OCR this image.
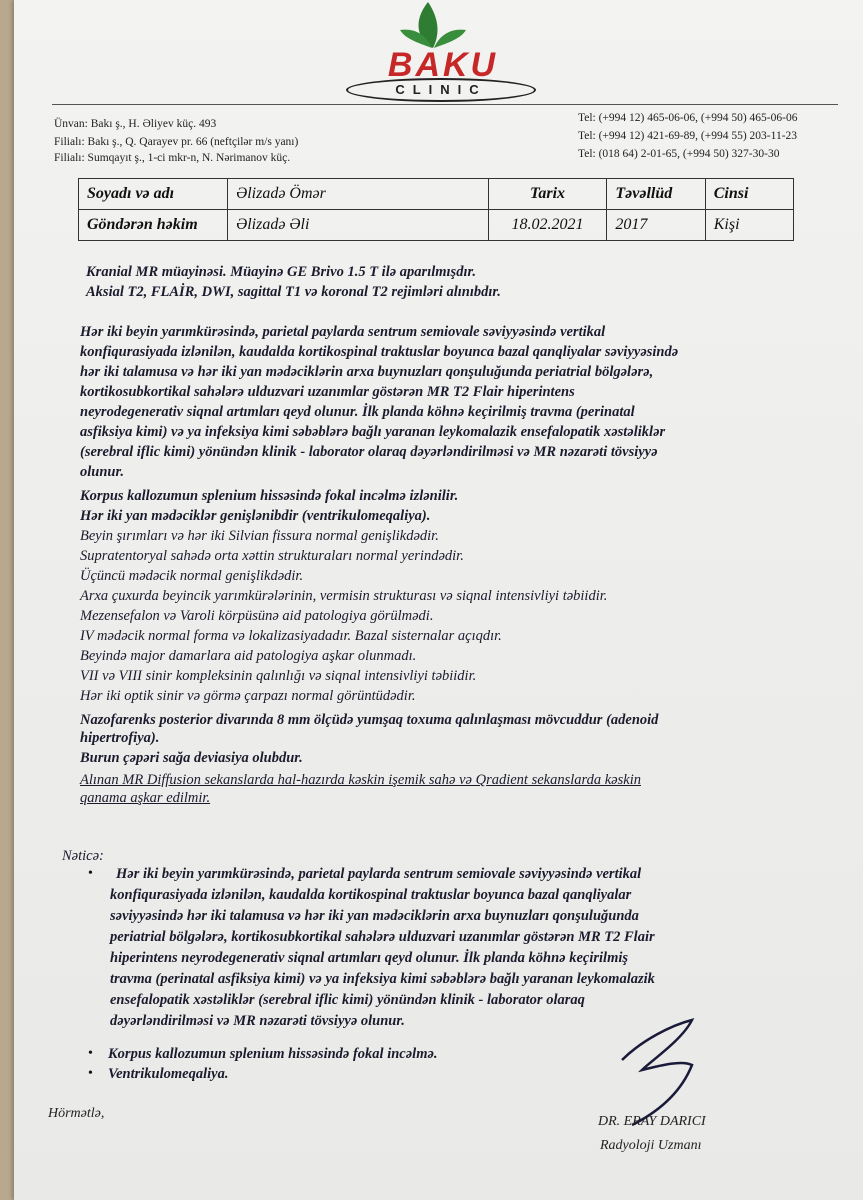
BAKU
CLINIC
Ünvan: Bakı ş., H. Əliyev küç. 493
Filialı: Bakı ş., Q. Qarayev pr. 66 (neftçilər m/s yanı)
Filialı: Sumqayıt ş., 1-ci mkr-n, N. Nərimanov küç.
Tel: (+994 12) 465-06-06, (+994 50) 465-06-06
Tel: (+994 12) 421-69-89, (+994 55) 203-11-23
Tel: (018 64) 2-01-65, (+994 50) 327-30-30
Soyadı və adı	Əlizadə Ömər	Tarix	Təvəllüd	Cinsi
Göndərən həkim	Əlizadə Əli	18.02.2021	2017	Kişi
Kranial MR müayinəsi. Müayinə GE Brivo 1.5 T ilə aparılmışdır.
Aksial T2, FLAİR, DWI, sagittal T1 və koronal T2 rejimləri alınıbdır.
Hər iki beyin yarımkürəsində, parietal paylarda sentrum semiovale səviyyəsində vertikal
konfiqurasiyada izlənilən, kaudalda kortikospinal traktuslar boyunca bazal qanqliyalar səviyyəsində
hər iki talamusa və hər iki yan mədəciklərin arxa buynuzları qonşuluğunda periatrial bölgələrə,
kortikosubkortikal sahələrə ulduzvari uzanımlar göstərən MR T2 Flair hiperintens
neyrodegenerativ siqnal artımları qeyd olunur. İlk planda köhnə keçirilmiş travma (perinatal
asfiksiya kimi) və ya infeksiya kimi səbəblərə bağlı yaranan leykomalazik ensefalopatik xəstəliklər
(serebral iflic kimi) yönündən klinik - laborator olaraq dəyərləndirilməsi və MR nəzarəti tövsiyyə
olunur.
Korpus kallozumun splenium hissəsində fokal incəlmə izlənilir.
Hər iki yan mədəciklər genişlənibdir (ventrikulomeqaliya).
Beyin şırımları və hər iki Silvian fissura normal genişlikdədir.
Supratentoryal sahədə orta xəttin strukturaları normal yerindədir.
Üçüncü mədəcik normal genişlikdədir.
Arxa çuxurda beyincik yarımkürələrinin, vermisin strukturası və siqnal intensivliyi təbiidir.
Mezensefalon və Varoli körpüsünə aid patologiya görülmədi.
IV mədəcik normal forma və lokalizasiyadadır. Bazal sisternalar açıqdır.
Beyində major damarlara aid patologiya aşkar olunmadı.
VII və VIII sinir kompleksinin qalınlığı və siqnal intensivliyi təbiidir.
Hər iki optik sinir və görmə çarpazı normal görüntüdədir.
Nazofarenks posterior divarında 8 mm ölçüdə yumşaq toxuma qalınlaşması mövcuddur (adenoid
hipertrofiya).
Burun çəpəri sağa deviasiya olubdur.
Alınan MR Diffusion sekanslarda hal-hazırda kəskin işemik sahə və Qradient sekanslarda kəskin
qanama aşkar edilmir.
Nəticə:
• Hər iki beyin yarımkürəsində, parietal paylarda sentrum semiovale səviyyəsində vertikal
konfiqurasiyada izlənilən, kaudalda kortikospinal traktuslar boyunca bazal qanqliyalar
səviyyəsində hər iki talamusa və hər iki yan mədəciklərin arxa buynuzları qonşuluğunda
periatrial bölgələrə, kortikosubkortikal sahələrə ulduzvari uzanımlar göstərən MR T2 Flair
hiperintens neyrodegenerativ siqnal artımları qeyd olunur. İlk planda köhnə keçirilmiş
travma (perinatal asfiksiya kimi) və ya infeksiya kimi səbəblərə bağlı yaranan leykomalazik
ensefalopatik xəstəliklər (serebral iflic kimi) yönündən klinik - laborator olaraq
dəyərləndirilməsi və MR nəzarəti tövsiyyə olunur.
•
•
Korpus kallozumun splenium hissəsində fokal incəlmə.
Ventrikulomeqaliya.
Hörmətlə,
DR. ERAY DARICI
Radyoloji Uzmanı
